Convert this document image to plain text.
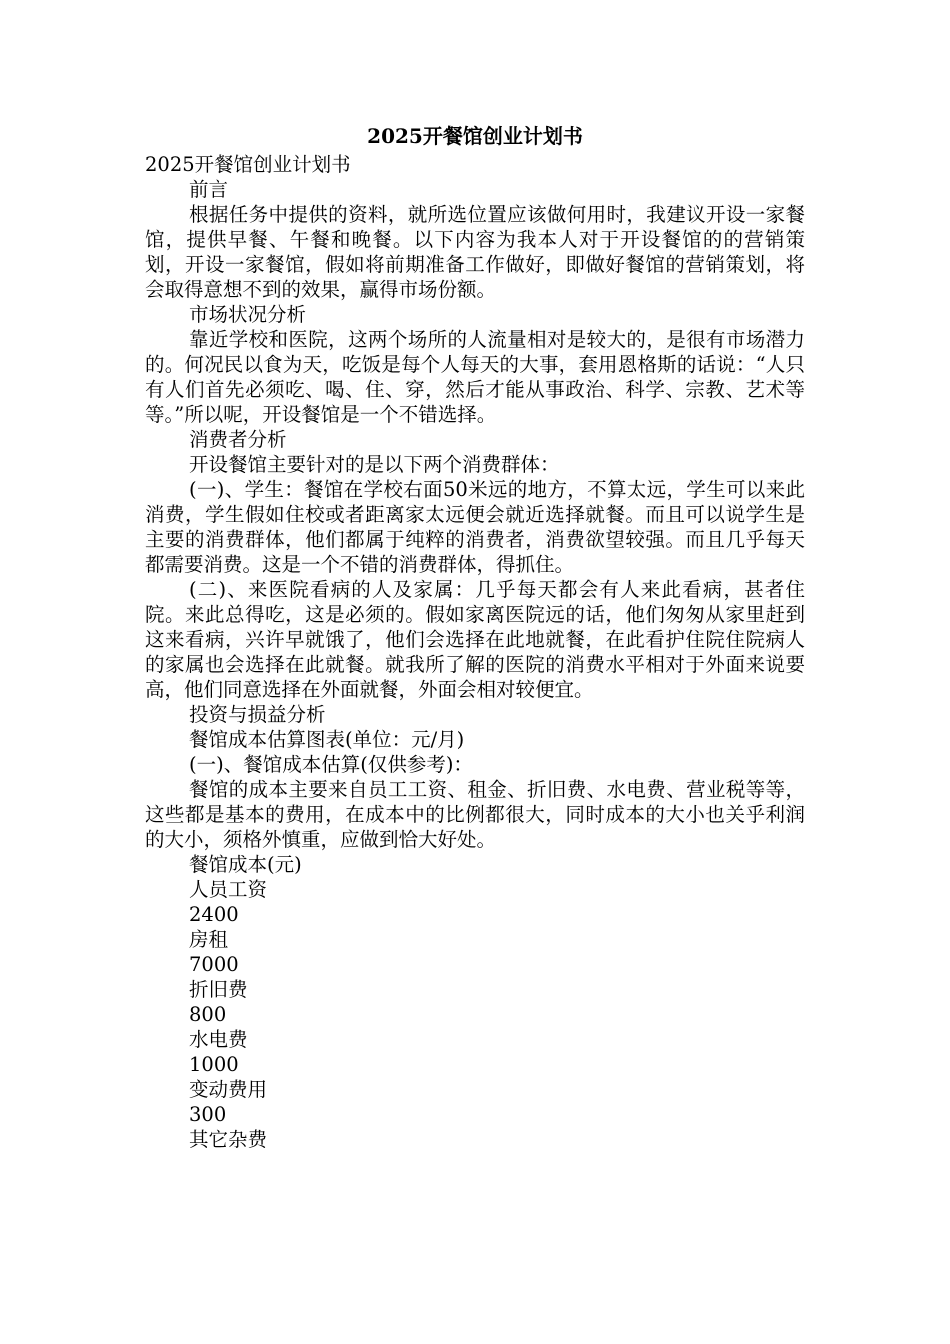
2025开餐馆创业计划书

2025开餐馆创业计划书

前言

根据任务中提供的资料，就所选位置应该做何用时，我建议开设一家餐馆，提供早餐、午餐和晚餐。以下内容为我本人对于开设餐馆的的营销策划，开设一家餐馆，假如将前期准备工作做好，即做好餐馆的营销策划，将会取得意想不到的效果，赢得市场份额。

市场状况分析

靠近学校和医院，这两个场所的人流量相对是较大的，是很有市场潜力的。何况民以食为天，吃饭是每个人每天的大事，套用恩格斯的话说：“人只有人们首先必须吃、喝、住、穿，然后才能从事政治、科学、宗教、艺术等等。”所以呢，开设餐馆是一个不错选择。

消费者分析

开设餐馆主要针对的是以下两个消费群体：

(一)、学生：餐馆在学校右面50米远的地方，不算太远，学生可以来此消费，学生假如住校或者距离家太远便会就近选择就餐。而且可以说学生是主要的消费群体，他们都属于纯粹的消费者，消费欲望较强。而且几乎每天都需要消费。这是一个不错的消费群体，得抓住。

(二)、来医院看病的人及家属：几乎每天都会有人来此看病，甚者住院。来此总得吃，这是必须的。假如家离医院远的话，他们匆匆从家里赶到这来看病，兴许早就饿了，他们会选择在此地就餐，在此看护住院住院病人的家属也会选择在此就餐。就我所了解的医院的消费水平相对于外面来说要高，他们同意选择在外面就餐，外面会相对较便宜。

投资与损益分析

餐馆成本估算图表(单位：元/月)

(一)、餐馆成本估算(仅供参考)：

餐馆的成本主要来自员工工资、租金、折旧费、水电费、营业税等等，这些都是基本的费用，在成本中的比例都很大，同时成本的大小也关乎利润的大小，须格外慎重，应做到恰大好处。

餐馆成本(元)

人员工资

2400

房租

7000

折旧费

800

水电费

1000

变动费用

300

其它杂费
